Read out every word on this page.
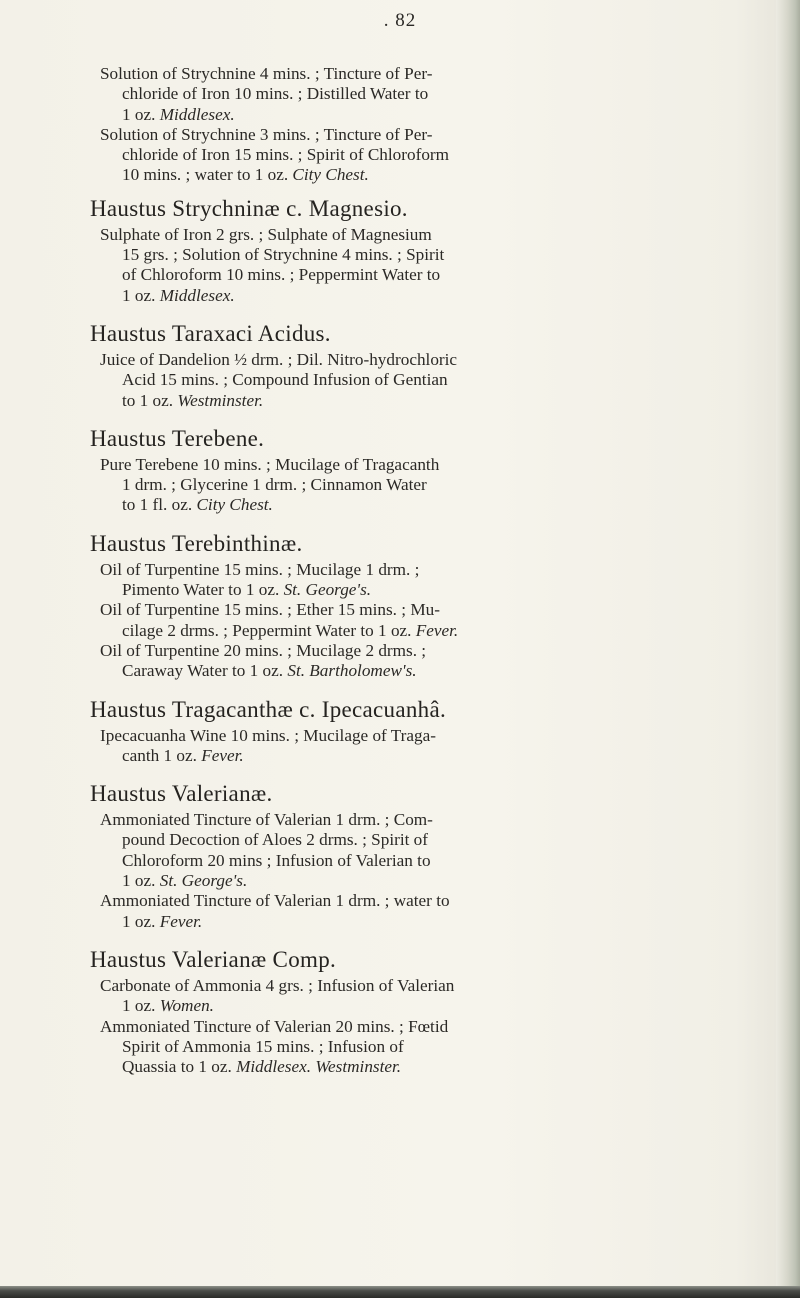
. 82
Solution of Strychnine 4 mins. ; Tincture of Per-
chloride of Iron 10 mins. ; Distilled Water to
1 oz. Middlesex.
Solution of Strychnine 3 mins. ; Tincture of Per-
chloride of Iron 15 mins. ; Spirit of Chloroform
10 mins. ; water to 1 oz. City Chest.
Haustus Strychninæ c. Magnesio.
Sulphate of Iron 2 grs. ; Sulphate of Magnesium
15 grs. ; Solution of Strychnine 4 mins. ; Spirit
of Chloroform 10 mins. ; Peppermint Water to
1 oz. Middlesex.
Haustus Taraxaci Acidus.
Juice of Dandelion ½ drm. ; Dil. Nitro-hydrochloric
Acid 15 mins. ; Compound Infusion of Gentian
to 1 oz. Westminster.
Haustus Terebene.
Pure Terebene 10 mins. ; Mucilage of Tragacanth
1 drm. ; Glycerine 1 drm. ; Cinnamon Water
to 1 fl. oz. City Chest.
Haustus Terebinthinæ.
Oil of Turpentine 15 mins. ; Mucilage 1 drm. ;
Pimento Water to 1 oz. St. George's.
Oil of Turpentine 15 mins. ; Ether 15 mins. ; Mu-
cilage 2 drms. ; Peppermint Water to 1 oz. Fever.
Oil of Turpentine 20 mins. ; Mucilage 2 drms. ;
Caraway Water to 1 oz. St. Bartholomew's.
Haustus Tragacanthæ c. Ipecacuanhâ.
Ipecacuanha Wine 10 mins. ; Mucilage of Traga-
canth 1 oz. Fever.
Haustus Valerianæ.
Ammoniated Tincture of Valerian 1 drm. ; Com-
pound Decoction of Aloes 2 drms. ; Spirit of
Chloroform 20 mins ; Infusion of Valerian to
1 oz. St. George's.
Ammoniated Tincture of Valerian 1 drm. ; water to
1 oz. Fever.
Haustus Valerianæ Comp.
Carbonate of Ammonia 4 grs. ; Infusion of Valerian
1 oz. Women.
Ammoniated Tincture of Valerian 20 mins. ; Fœtid
Spirit of Ammonia 15 mins. ; Infusion of
Quassia to 1 oz. Middlesex. Westminster.
